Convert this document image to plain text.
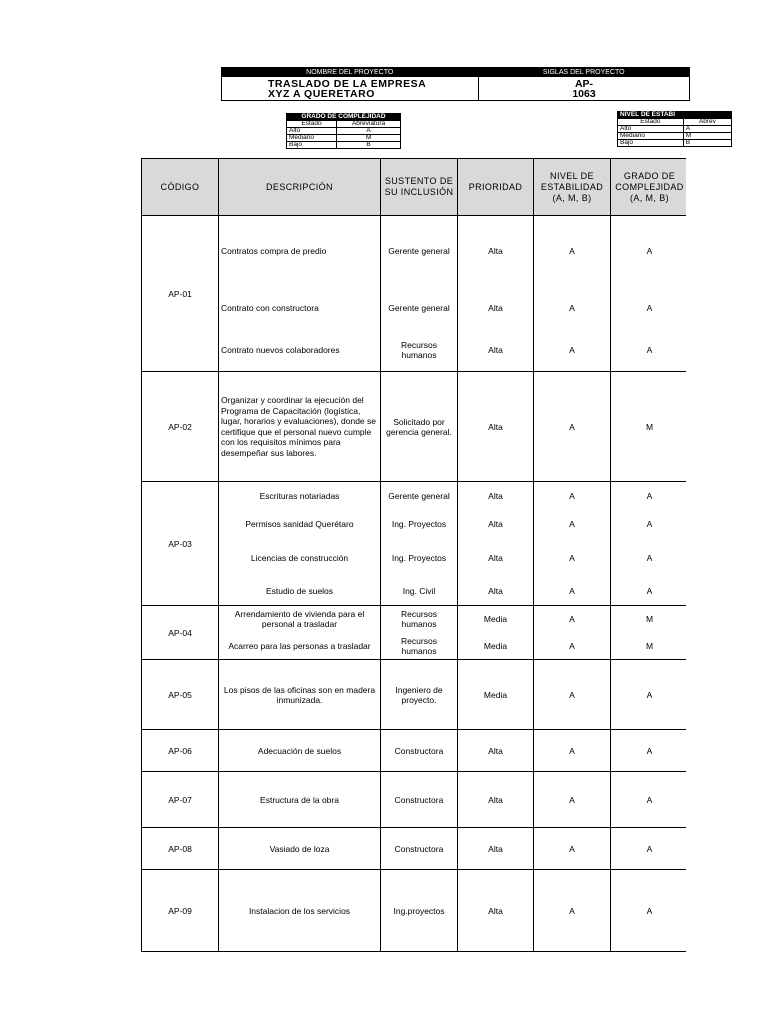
NOMBRE DEL PROYECTO	SIGLAS DEL PROYECTO
TRASLADO DE LA EMPRESA
XYZ A QUERETARO
AP-
1063
GRADO DE COMPLEJIDAD	
Estado	Abreviatura
Alto	A
Mediano	M
Bajo	B
NIVEL DE ESTABI	
Estado	Abrev
Alto	A
Mediano	M
Bajo	B
CÓDIGO	DESCRIPCIÓN	SUSTENTO DE SU INCLUSIÓN	PRIORIDAD	NIVEL DE ESTABILIDAD (A, M, B)	GRADO DE COMPLEJIDAD (A, M, B)
AP-01	Contratos compra de predio	Gerente general	Alta	A	A
	Contrato con constructora	Gerente general	Alta	A	A
	Contrato nuevos colaboradores	Recursos humanos	Alta	A	A
AP-02	Organizar y coordinar la ejecución del Programa de Capacitación (logística, lugar, horarios y evaluaciones), donde se certifique que el personal nuevo cumple con los requisitos mínimos para desempeñar sus labores.	Solicitado por gerencia general.	Alta	A	M
AP-03	Escrituras notariadas	Gerente general	Alta	A	A
	Permisos sanidad Querétaro	Ing. Proyectos	Alta	A	A
	Licencias de construcción	Ing. Proyectos	Alta	A	A
	Estudio de suelos	Ing. Civil	Alta	A	A
AP-04	Arrendamiento de vivienda para el personal a trasladar	Recursos humanos	Media	A	M
	Acarreo para las personas a trasladar	Recursos humanos	Media	A	M
AP-05	Los pisos de las oficinas son en madera inmunizada.	Ingeniero de proyecto.	Media	A	A
AP-06	Adecuación de suelos	Constructora	Alta	A	A
AP-07	Estructura de la obra	Constructora	Alta	A	A
AP-08	Vasiado de loza	Constructora	Alta	A	A
AP-09	Instalacion de los servicios	Ing.proyectos	Alta	A	A
